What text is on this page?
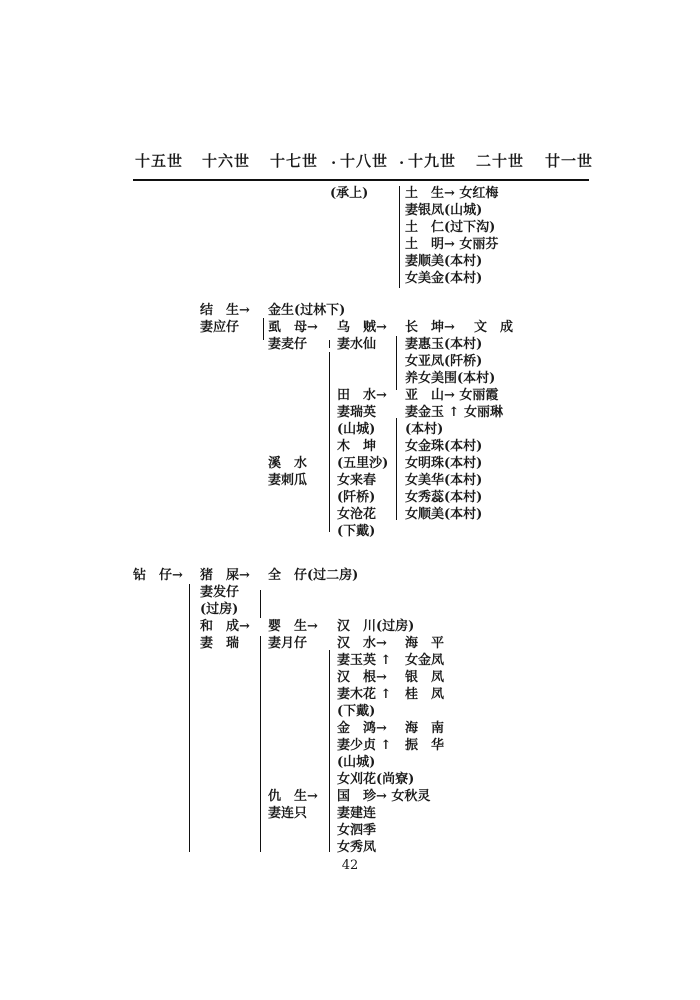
十五世 十六世 十七世 . 十八世 . 十九世 二十世 廿一世
(承上)	土　生→ 女红梅
妻银凤(山城)
土　仁(过下沟)
土　明→ 女丽芬
妻顺美(本村)
女美金(本村)
结　生→
妻应仔
金生(过林下)
虱　母→
妻麦仔
乌　贼→
妻水仙
长　坤→ 文　成
妻惠玉(本村)
女亚凤(阡桥)
养女美围(本村)
田　水→
妻瑞英
(山城)
亚　山→ 女丽霞
妻金玉 ↑ 女丽琳
(本村)
木　坤
(五里沙)
女来春
(阡桥)
女沧花
(下戴)
溪　水
妻刺瓜
女金珠(本村)
女明珠(本村)
女美华(本村)
女秀蕊(本村)
女顺美(本村)
钻　仔→ 猪　屎→
妻发仔
(过房)
和　成→
妻　瑞
全　仔(过二房)
婴　生→
妻月仔
汉　川(过房)
汉　水→
妻玉英 ↑
汉　根→
妻木花 ↑
(下戴)
金　鸿→
妻少贞 ↑
(山城)
女刈花(尚寮)
海　平
女金凤
银　凤
桂　凤
海　南
振　华
仇　生→
妻连只
国　珍→ 女秋灵
妻建连
女泗季
女秀凤
42
